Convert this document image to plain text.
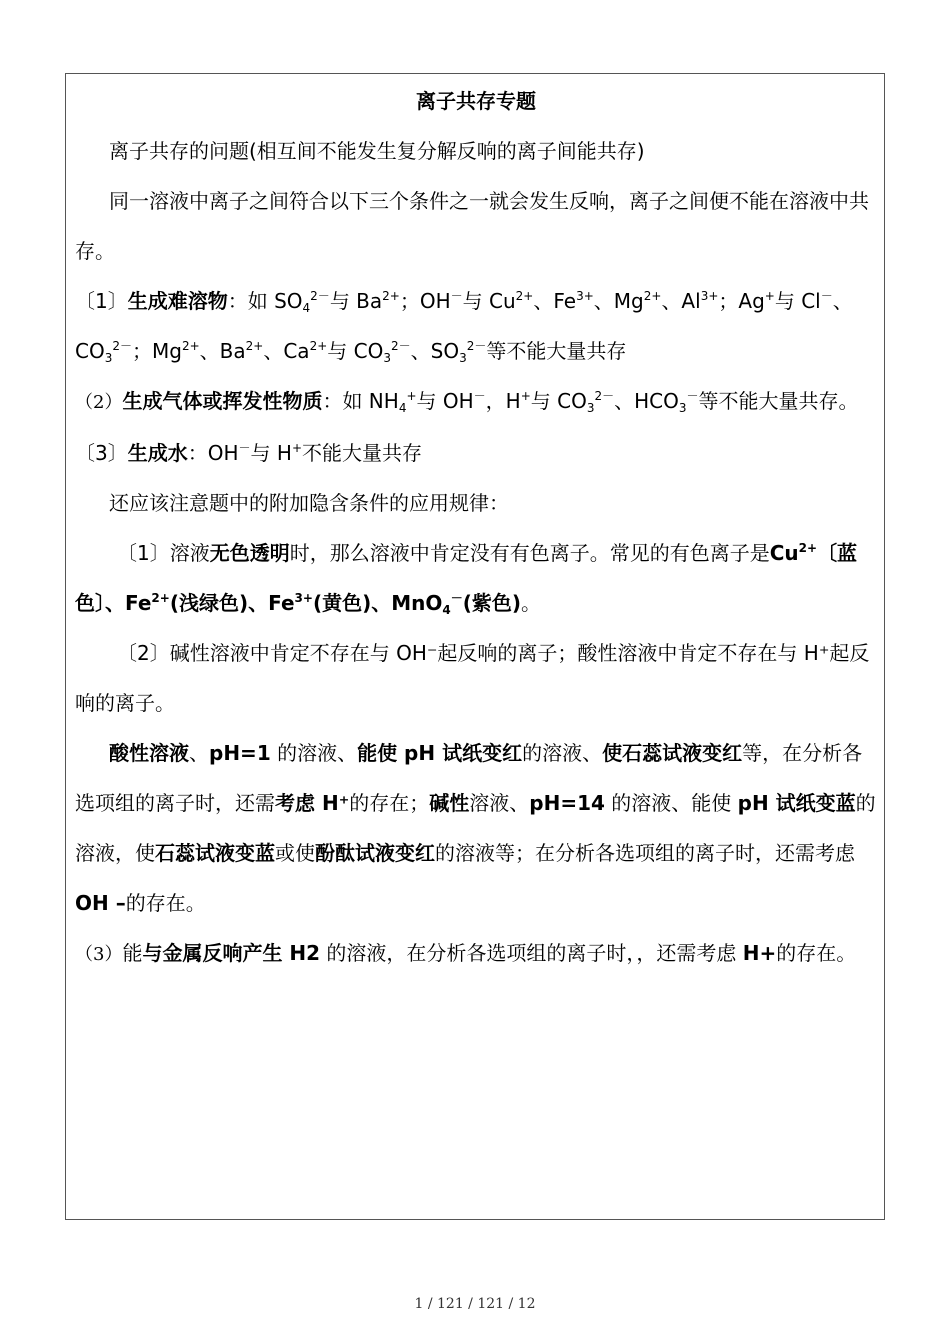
离子共存专题

离子共存的问题(相互间不能发生复分解反响的离子间能共存)

同一溶液中离子之间符合以下三个条件之一就会发生反响，离子之间便不能在溶液中共存。

〔1〕生成难溶物：如 $SO_4^{2-}$与 $Ba^{2+}$；OH－与 $Cu^{2+}$、$Fe^{3+}$、$Mg^{2+}$、$Al^{3+}$；Ag+与 Cl－、$CO_3^{2-}$；$Mg^{2+}$、$Ba^{2+}$、$Ca^{2+}$与 $CO_3^{2-}$、$SO_3^{2-}$等不能大量共存

（2）生成气体或挥发性物质：如 $NH_4^+$与 OH－，H+与 $CO_3^{2-}$、$HCO_3^-$等不能大量共存。

〔3〕生成水：OH－与 H+不能大量共存

还应该注意题中的附加隐含条件的应用规律：

〔1〕溶液无色透明时，那么溶液中肯定没有有色离子。常见的有色离子是$Cu^{2+}$〔蓝色〕、$Fe^{2+}$(浅绿色)、$Fe^{3+}$(黄色)、MnO$_4$－(紫色)。

〔2〕碱性溶液中肯定不存在与 OH⁻起反响的离子；酸性溶液中肯定不存在与 H⁺起反响的离子。

酸性溶液、pH=1 的溶液、能使 pH 试纸变红的溶液、使石蕊试液变红等，在分析各选项组的离子时，还需考虑 H⁺的存在；碱性溶液、pH=14 的溶液、能使 pH 试纸变蓝的溶液，使石蕊试液变蓝或使酚酞试液变红的溶液等；在分析各选项组的离子时，还需考虑 OH –的存在。

（3）能与金属反响产生 H2 的溶液，在分析各选项组的离子时，，还需考虑 H+的存在。

1 / 121 / 121 / 12
